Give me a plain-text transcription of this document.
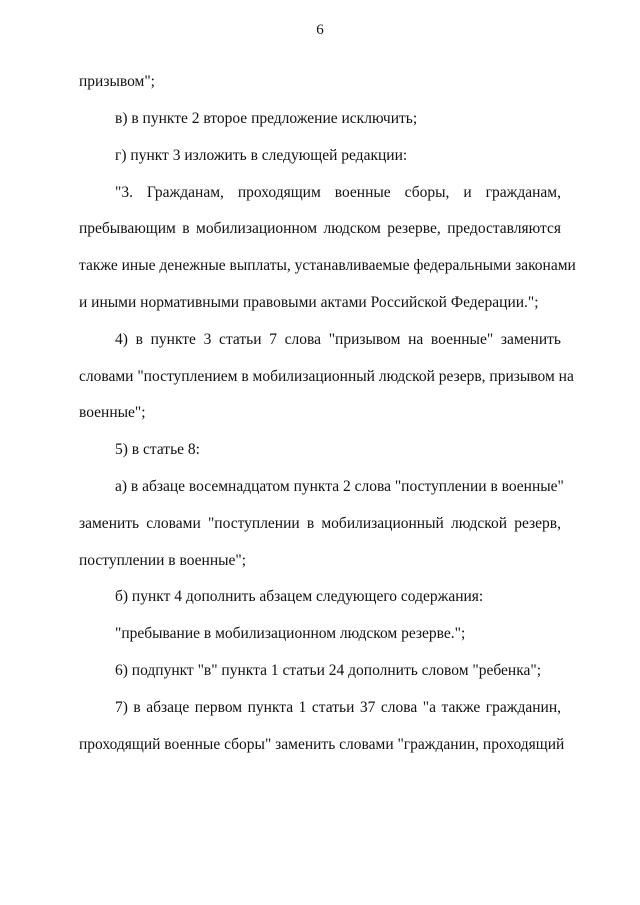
6
призывом";
в) в пункте 2 второе предложение исключить;
г) пункт 3 изложить в следующей редакции:
"3. Гражданам, проходящим военные сборы, и гражданам,
пребывающим в мобилизационном людском резерве, предоставляются
также иные денежные выплаты, устанавливаемые федеральными законами
и иными нормативными правовыми актами Российской Федерации.";
4) в пункте 3 статьи 7 слова "призывом на военные" заменить
словами "поступлением в мобилизационный людской резерв, призывом на
военные";
5) в статье 8:
а) в абзаце восемнадцатом пункта 2 слова "поступлении в военные"
заменить словами "поступлении в мобилизационный людской резерв,
поступлении в военные";
б) пункт 4 дополнить абзацем следующего содержания:
"пребывание в мобилизационном людском резерве.";
6) подпункт "в" пункта 1 статьи 24 дополнить словом "ребенка";
7) в абзаце первом пункта 1 статьи 37 слова "а также гражданин,
проходящий военные сборы" заменить словами "гражданин, проходящий
